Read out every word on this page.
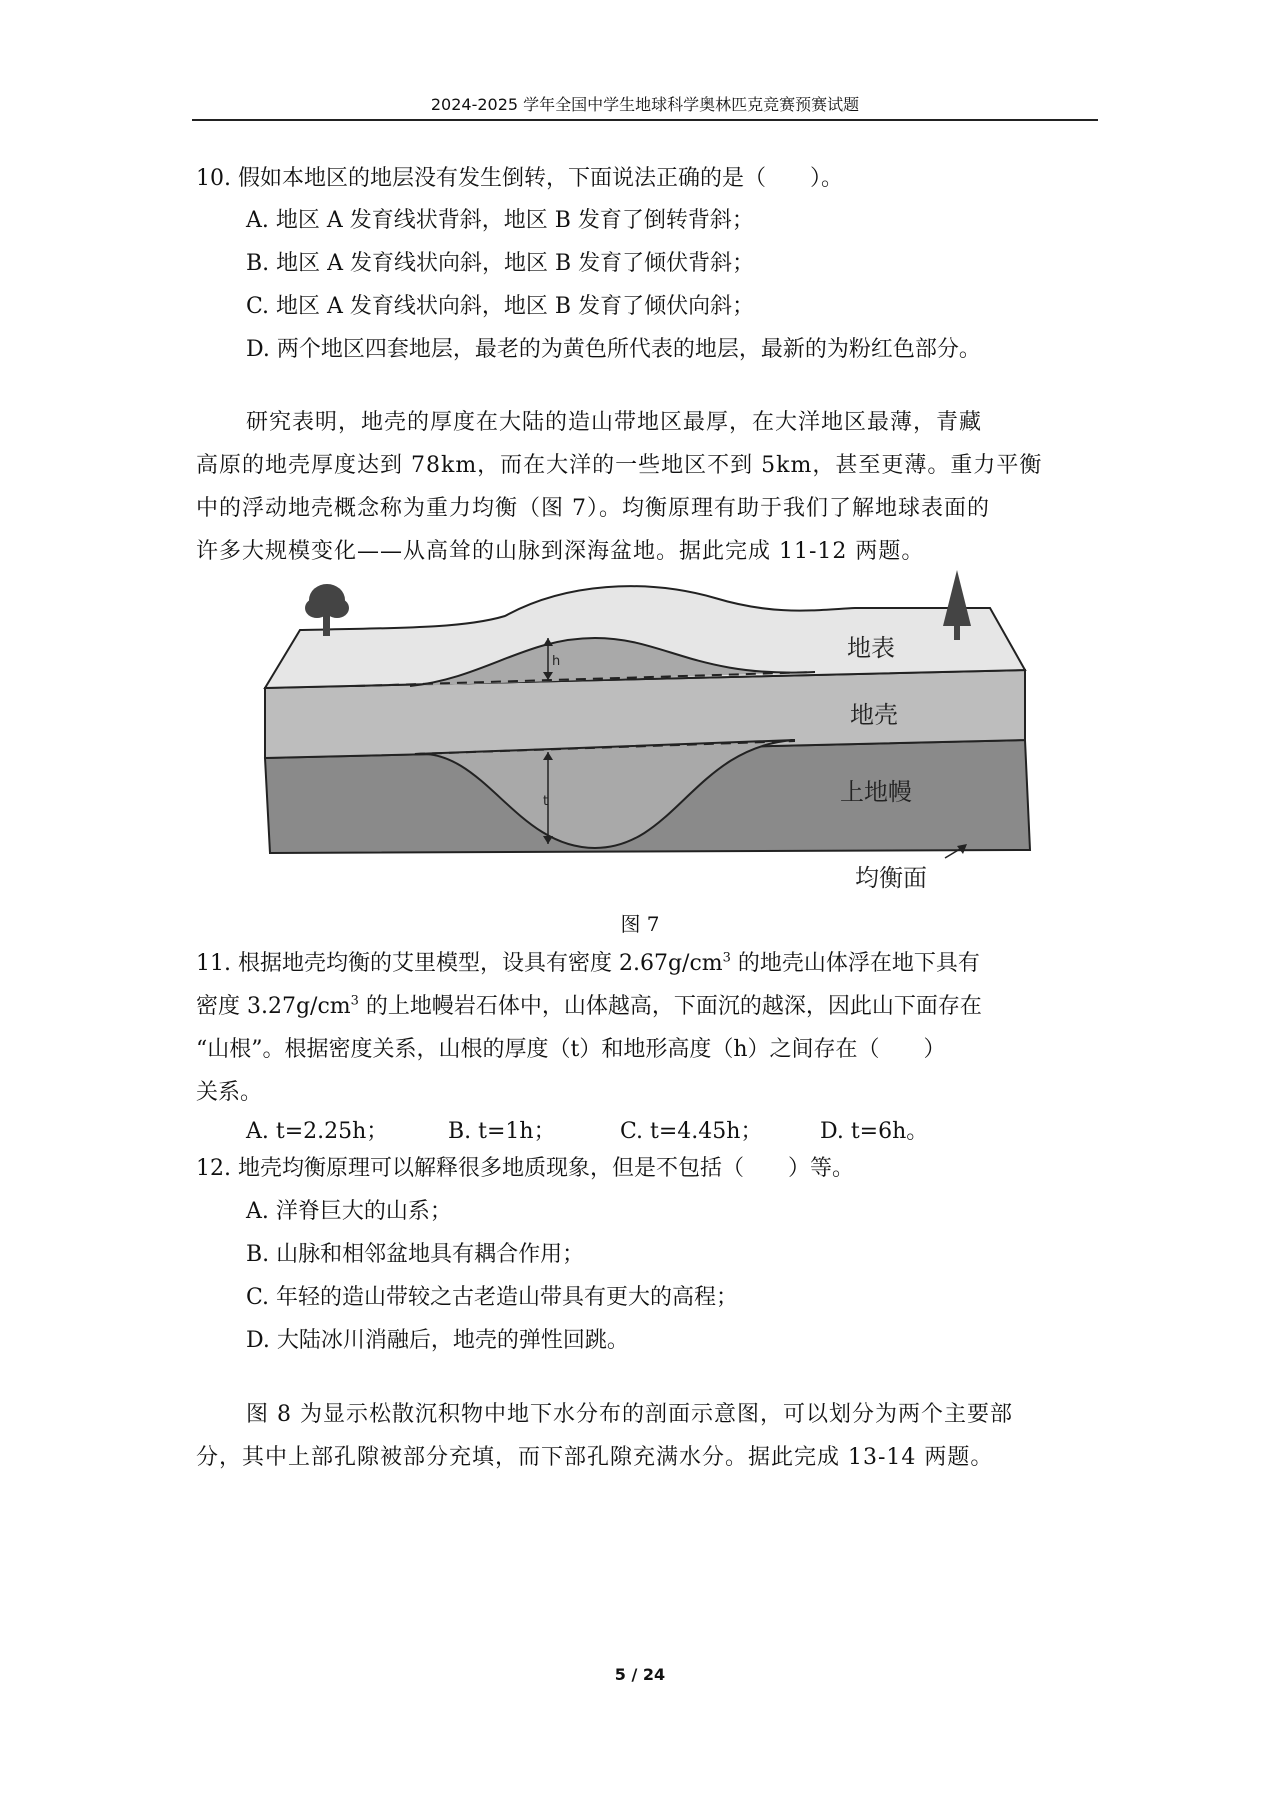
2024-2025 学年全国中学生地球科学奥林匹克竞赛预赛试题
10. 假如本地区的地层没有发生倒转，下面说法正确的是（　　）。
A. 地区 A 发育线状背斜，地区 B 发育了倒转背斜；
B. 地区 A 发育线状向斜，地区 B 发育了倾伏背斜；
C. 地区 A 发育线状向斜，地区 B 发育了倾伏向斜；
D. 两个地区四套地层，最老的为黄色所代表的地层，最新的为粉红色部分。
研究表明，地壳的厚度在大陆的造山带地区最厚，在大洋地区最薄，青藏
高原的地壳厚度达到 78km，而在大洋的一些地区不到 5km，甚至更薄。重力平衡
中的浮动地壳概念称为重力均衡（图 7）。均衡原理有助于我们了解地球表面的
许多大规模变化——从高耸的山脉到深海盆地。据此完成 11-12 两题。
h
t
地表
地壳
上地幔
均衡面
图 7
11. 根据地壳均衡的艾里模型，设具有密度 $2.67g/cm^3$ 的地壳山体浮在地下具有
密度 $3.27g/cm^3$ 的上地幔岩石体中，山体越高，下面沉的越深，因此山下面存在
“山根”。根据密度关系，山根的厚度（t）和地形高度（h）之间存在（　　）
关系。
A. t=2.25h；	B. t=1h；	C. t=4.45h；	D. t=6h。
12. 地壳均衡原理可以解释很多地质现象，但是不包括（　　）等。
A. 洋脊巨大的山系；
B. 山脉和相邻盆地具有耦合作用；
C. 年轻的造山带较之古老造山带具有更大的高程；
D. 大陆冰川消融后，地壳的弹性回跳。
图 8 为显示松散沉积物中地下水分布的剖面示意图，可以划分为两个主要部
分，其中上部孔隙被部分充填，而下部孔隙充满水分。据此完成 13-14 两题。
5 / 24
